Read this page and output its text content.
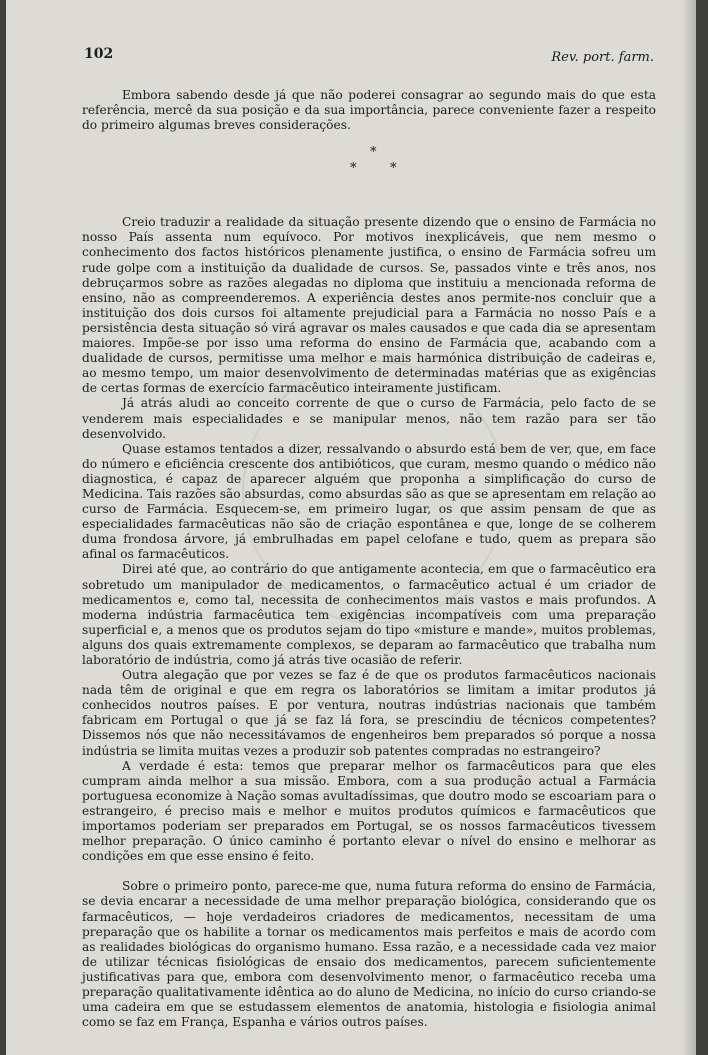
102	Rev. port. farm.

Embora sabendo desde já que não poderei consagrar ao segundo mais do que esta referência, mercê da sua posição e da sua importância, parece conveniente fazer a respeito do primeiro algumas breves considerações.

*
*	*

Creio traduzir a realidade da situação presente dizendo que o ensino de Farmácia no nosso País assenta num equívoco. Por motivos inexplicáveis, que nem mesmo o conhecimento dos factos históricos plenamente justifica, o ensino de Farmácia sofreu um rude golpe com a instituição da dualidade de cursos. Se, passados vinte e três anos, nos debruçarmos sobre as razões alegadas no diploma que instituiu a mencionada reforma de ensino, não as compreenderemos. A experiência destes anos permite-nos concluir que a instituição dos dois cursos foi altamente prejudicial para a Farmácia no nosso País e a persistência desta situação só virá agravar os males causados e que cada dia se apresentam maiores. Impõe-se por isso uma reforma do ensino de Farmácia que, acabando com a dualidade de cursos, permitisse uma melhor e mais harmónica distribuição de cadeiras e, ao mesmo tempo, um maior desenvolvimento de determinadas matérias que as exigências de certas formas de exercício farmacêutico inteiramente justificam.

Já atrás aludi ao conceito corrente de que o curso de Farmácia, pelo facto de se venderem mais especialidades e se manipular menos, não tem razão para ser tão desenvolvido.

Quase estamos tentados a dizer, ressalvando o absurdo está bem de ver, que, em face do número e eficiência crescente dos antibióticos, que curam, mesmo quando o médico não diagnostica, é capaz de aparecer alguém que proponha a simplificação do curso de Medicina. Tais razões são absurdas, como absurdas são as que se apresentam em relação ao curso de Farmácia. Esquecem-se, em primeiro lugar, os que assim pensam de que as especialidades farmacêuticas não são de criação espontânea e que, longe de se colherem duma frondosa árvore, já embrulhadas em papel celofane e tudo, quem as prepara são afinal os farmacêuticos.

Direi até que, ao contrário do que antigamente acontecia, em que o farmacêutico era sobretudo um manipulador de medicamentos, o farmacêutico actual é um criador de medicamentos e, como tal, necessita de conhecimentos mais vastos e mais profundos. A moderna indústria farmacêutica tem exigências incompatíveis com uma preparação superficial e, a menos que os produtos sejam do tipo «misture e mande», muitos problemas, alguns dos quais extremamente complexos, se deparam ao farmacêutico que trabalha num laboratório de indústria, como já atrás tive ocasião de referir.

Outra alegação que por vezes se faz é de que os produtos farmacêuticos nacionais nada têm de original e que em regra os laboratórios se limitam a imitar produtos já conhecidos noutros países. E por ventura, noutras indústrias nacionais que também fabricam em Portugal o que já se faz lá fora, se prescindiu de técnicos competentes? Dissemos nós que não necessitávamos de engenheiros bem preparados só porque a nossa indústria se limita muitas vezes a produzir sob patentes compradas no estrangeiro?

A verdade é esta: temos que preparar melhor os farmacêuticos para que eles cumpram ainda melhor a sua missão. Embora, com a sua produção actual a Farmácia portuguesa economize à Nação somas avultadíssimas, que doutro modo se escoariam para o estrangeiro, é preciso mais e melhor e muitos produtos químicos e farmacêuticos que importamos poderiam ser preparados em Portugal, se os nossos farmacêuticos tivessem melhor preparação. O único caminho é portanto elevar o nível do ensino e melhorar as condições em que esse ensino é feito.

Sobre o primeiro ponto, parece-me que, numa futura reforma do ensino de Farmácia, se devia encarar a necessidade de uma melhor preparação biológica, considerando que os farmacêuticos, — hoje verdadeiros criadores de medicamentos, necessitam de uma preparação que os habilite a tornar os medicamentos mais perfeitos e mais de acordo com as realidades biológicas do organismo humano. Essa razão, e a necessidade cada vez maior de utilizar técnicas fisiológicas de ensaio dos medicamentos, parecem suficientemente justificativas para que, embora com desenvolvimento menor, o farmacêutico receba uma preparação qualitativamente idêntica ao do aluno de Medicina, no início do curso criando-se uma cadeira em que se estudassem elementos de anatomia, histologia e fisiologia animal como se faz em França, Espanha e vários outros países.
